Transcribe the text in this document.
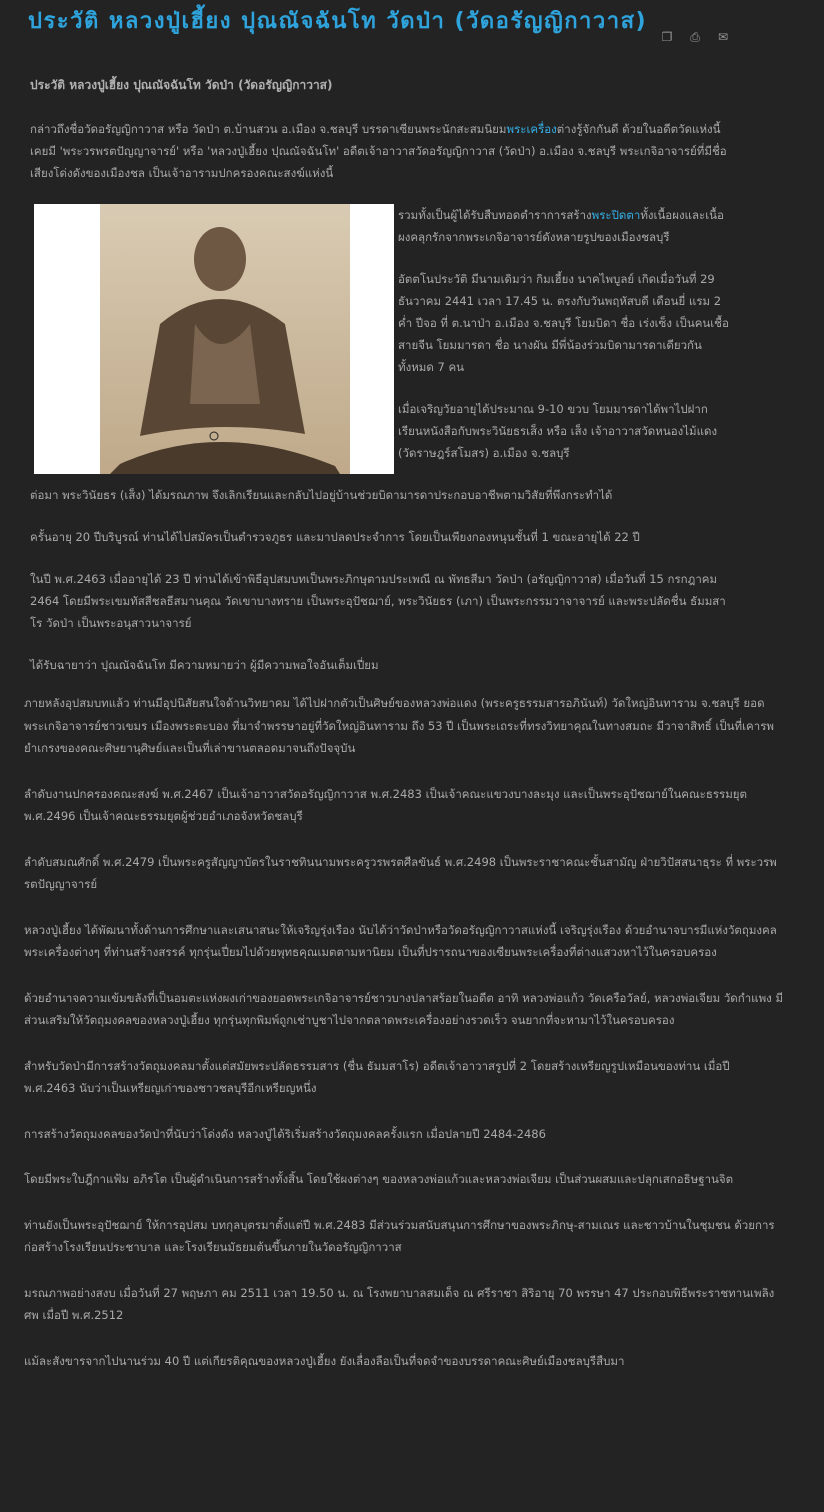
ประวัติ หลวงปู่เฮี้ยง ปุณณัจฉันโท วัดป่า (วัดอรัญญิกาวาส)
❐ ⎙ ✉
ประวัติ หลวงปู่เฮี้ยง ปุณณัจฉันโท วัดป่า (วัดอรัญญิกาวาส)

กล่าวถึงชื่อวัดอรัญญิกาวาส หรือ วัดป่า ต.บ้านสวน อ.เมือง จ.ชลบุรี บรรดาเซียนพระนักสะสมนิยมพระเครื่องต่างรู้จักกันดี ด้วยในอดีตวัดแห่งนี้เคยมี 'พระวรพรตปัญญาจารย์' หรือ 'หลวงปู่เฮี้ยง ปุณณัจฉันโท' อดีตเจ้าอาวาสวัดอรัญญิกาวาส (วัดป่า) อ.เมือง จ.ชลบุรี พระเกจิอาจารย์ที่มีชื่อเสียงโด่งดังของเมืองชล เป็นเจ้าอารามปกครองคณะสงฆ์แห่งนี้

รวมทั้งเป็นผู้ได้รับสืบทอดตำราการสร้างพระปิดตาทั้งเนื้อผงและเนื้อผงคลุกรักจากพระเกจิอาจารย์ดังหลายรูปของเมืองชลบุรี

อัตตโนประวัติ มีนามเดิมว่า กิมเฮี้ยง นาคไพบูลย์ เกิดเมื่อวันที่ 29 ธันวาคม 2441 เวลา 17.45 น. ตรงกับวันพฤหัสบดี เดือนยี่ แรม 2 ค่ำ ปีจอ ที่ ต.นาป่า อ.เมือง จ.ชลบุรี โยมบิดา ชื่อ เร่งเซ็ง เป็นคนเชื้อสายจีน โยมมารดา ชื่อ นางผัน มีพี่น้องร่วมบิดามารดาเดียวกันทั้งหมด 7 คน

เมื่อเจริญวัยอายุได้ประมาณ 9-10 ขวบ โยมมารดาได้พาไปฝากเรียนหนังสือกับพระวินัยธรเส็ง หรือ เส็ง เจ้าอาวาสวัดหนองไม้แดง (วัดราษฎร์สโมสร) อ.เมือง จ.ชลบุรี

ต่อมา พระวินัยธร (เส็ง) ได้มรณภาพ จึงเลิกเรียนและกลับไปอยู่บ้านช่วยบิดามารดาประกอบอาชีพตามวิสัยที่พึงกระทำได้

ครั้นอายุ 20 ปีบริบูรณ์ ท่านได้ไปสมัครเป็นตำรวจภูธร และมาปลดประจำการ โดยเป็นเพียงกองหนุนชั้นที่ 1 ขณะอายุได้ 22 ปี

ในปี พ.ศ.2463 เมื่ออายุได้ 23 ปี ท่านได้เข้าพิธีอุปสมบทเป็นพระภิกษุตามประเพณี ณ พัทธสีมา วัดป่า (อรัญญิกาวาส) เมื่อวันที่ 15 กรกฎาคม 2464 โดยมีพระเขมทัสสีชลธีสมานคุณ วัดเขาบางทราย เป็นพระอุปัชฌาย์, พระวินัยธร (เภา) เป็นพระกรรมวาจาจารย์ และพระปลัดชื่น ธัมมสาโร วัดป่า เป็นพระอนุสาวนาจารย์

ได้รับฉายาว่า ปุณณัจฉันโท มีความหมายว่า ผู้มีความพอใจอันเต็มเปี่ยม

ภายหลังอุปสมบทแล้ว ท่านมีอุปนิสัยสนใจด้านวิทยาคม ได้ไปฝากตัวเป็นศิษย์ของหลวงพ่อแดง (พระครูธรรมสารอภินันท์) วัดใหญ่อินทาราม จ.ชลบุรี ยอดพระเกจิอาจารย์ชาวเขมร เมืองพระตะบอง ที่มาจำพรรษาอยู่ที่วัดใหญ่อินทาราม ถึง 53 ปี เป็นพระเถระที่ทรงวิทยาคุณในทางสมถะ มีวาจาสิทธิ์ เป็นที่เคารพยำเกรงของคณะศิษยานุศิษย์และเป็นที่เล่าขานตลอดมาจนถึงปัจจุบัน

ลำดับงานปกครองคณะสงฆ์ พ.ศ.2467 เป็นเจ้าอาวาสวัดอรัญญิกาวาส พ.ศ.2483 เป็นเจ้าคณะแขวงบางละมุง และเป็นพระอุปัชฌาย์ในคณะธรรมยุต พ.ศ.2496 เป็นเจ้าคณะธรรมยุตผู้ช่วยอำเภอจังหวัดชลบุรี

ลำดับสมณศักดิ์ พ.ศ.2479 เป็นพระครูสัญญาบัตรในราชทินนามพระครูวรพรตศีลขันธ์ พ.ศ.2498 เป็นพระราชาคณะชั้นสามัญ ฝ่ายวิปัสสนาธุระ ที่ พระวรพรตปัญญาจารย์

หลวงปู่เฮี้ยง ได้พัฒนาทั้งด้านการศึกษาและเสนาสนะให้เจริญรุ่งเรือง นับได้ว่าวัดป่าหรือวัดอรัญญิกาวาสแห่งนี้ เจริญรุ่งเรือง ด้วยอำนาจบารมีแห่งวัตถุมงคลพระเครื่องต่างๆ ที่ท่านสร้างสรรค์ ทุกรุ่นเปี่ยมไปด้วยพุทธคุณเมตตามหานิยม เป็นที่ปรารถนาของเซียนพระเครื่องที่ต่างแสวงหาไว้ในครอบครอง

ด้วยอำนาจความเข้มขลังที่เป็นอมตะแห่งผงเก่าของยอดพระเกจิอาจารย์ชาวบางปลาสร้อยในอดีต อาทิ หลวงพ่อแก้ว วัดเครือวัลย์, หลวงพ่อเจียม วัดกำแพง มีส่วนเสริมให้วัตถุมงคลของหลวงปู่เฮี้ยง ทุกรุ่นทุกพิมพ์ถูกเช่าบูชาไปจากตลาดพระเครื่องอย่างรวดเร็ว จนยากที่จะหามาไว้ในครอบครอง

สำหรับวัดป่ามีการสร้างวัตถุมงคลมาตั้งแต่สมัยพระปลัดธรรมสาร (ชื่น ธัมมสาโร) อดีตเจ้าอาวาสรูปที่ 2 โดยสร้างเหรียญรูปเหมือนของท่าน เมื่อปี พ.ศ.2463 นับว่าเป็นเหรียญเก่าของชาวชลบุรีอีกเหรียญหนึ่ง

การสร้างวัตถุมงคลของวัดป่าที่นับว่าโด่งดัง หลวงปู่ได้ริเริ่มสร้างวัตถุมงคลครั้งแรก เมื่อปลายปี 2484-2486

โดยมีพระใบฎีกาแฟ้ม อภิรโต เป็นผู้ดำเนินการสร้างทั้งสิ้น โดยใช้ผงต่างๆ ของหลวงพ่อแก้วและหลวงพ่อเจียม เป็นส่วนผสมและปลุกเสกอธิษฐานจิต

ท่านยังเป็นพระอุปัชฌาย์ ให้การอุปสม บทกุลบุตรมาตั้งแต่ปี พ.ศ.2483 มีส่วนร่วมสนับสนุนการศึกษาของพระภิกษุ-สามเณร และชาวบ้านในชุมชน ด้วยการก่อสร้างโรงเรียนประชาบาล และโรงเรียนมัธยมต้นขึ้นภายในวัดอรัญญิกาวาส

มรณภาพอย่างสงบ เมื่อวันที่ 27 พฤษภา คม 2511 เวลา 19.50 น. ณ โรงพยาบาลสมเด็จ ณ ศรีราชา สิริอายุ 70 พรรษา 47 ประกอบพิธีพระราชทานเพลิงศพ เมื่อปี พ.ศ.2512

แม้ละสังขารจากไปนานร่วม 40 ปี แต่เกียรติคุณของหลวงปู่เฮี้ยง ยังเลื่องลือเป็นที่จดจำของบรรดาคณะศิษย์เมืองชลบุรีสืบมา
